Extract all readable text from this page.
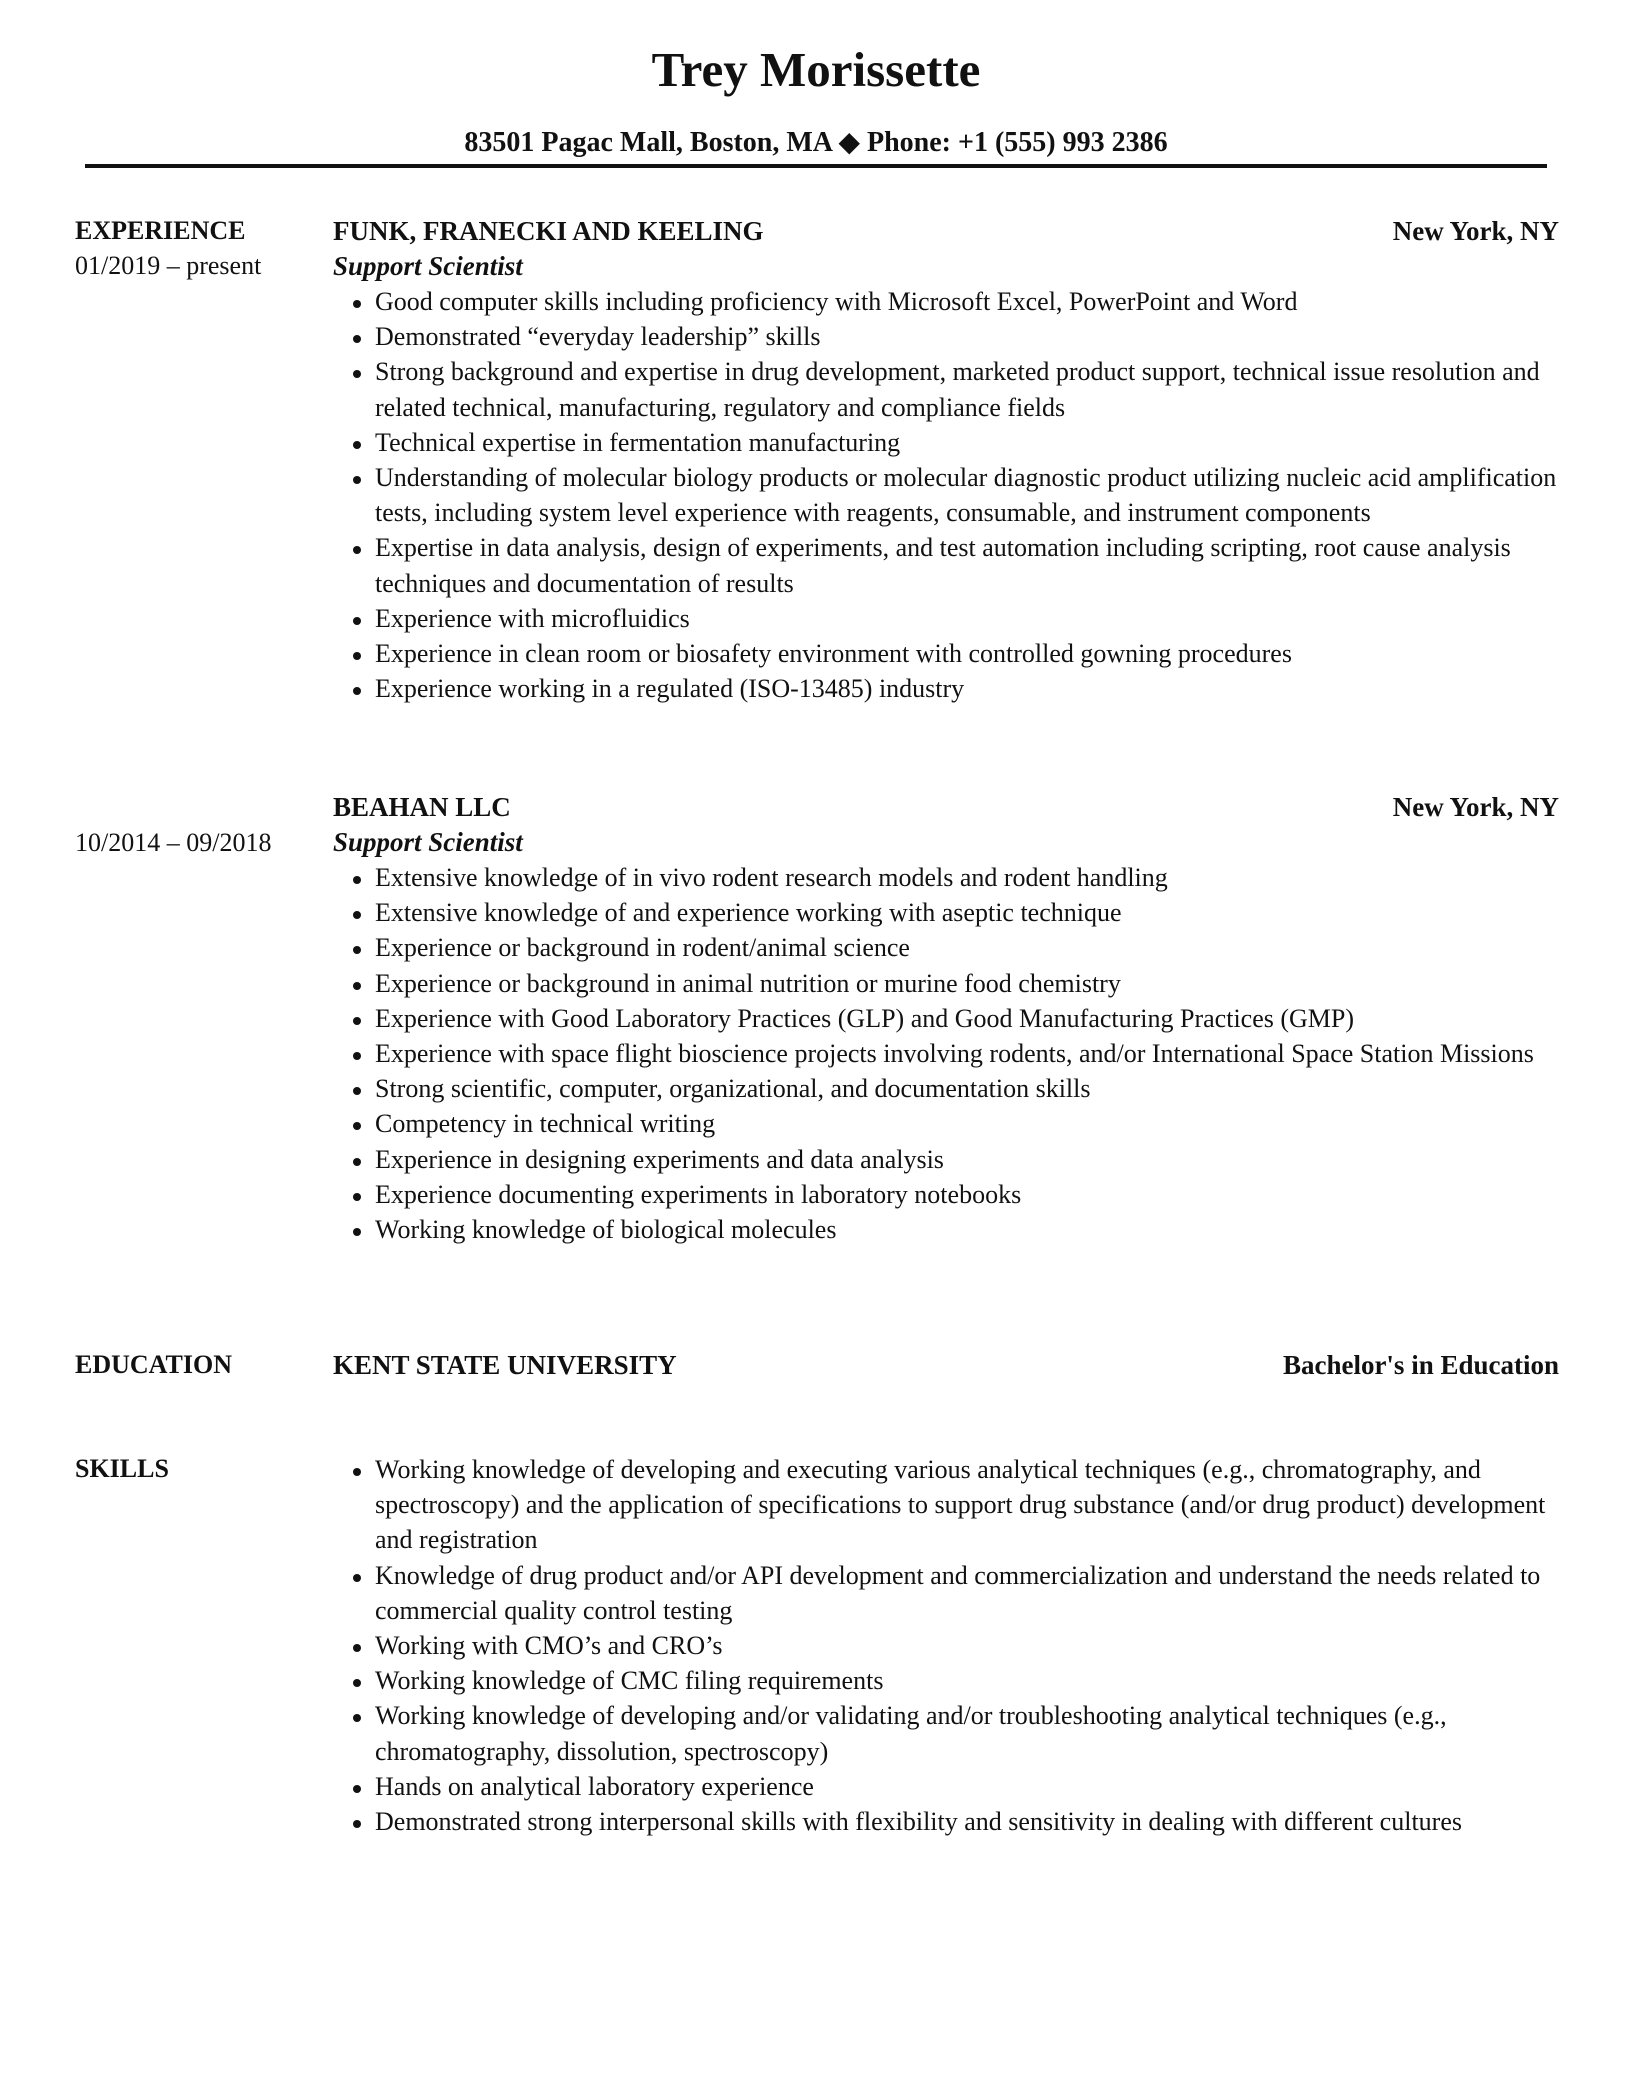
Trey Morissette
83501 Pagac Mall, Boston, MA ◆ Phone: +1 (555) 993 2386
EXPERIENCE
01/2019 – present
FUNK, FRANECKI AND KEELING	New York, NY
Support Scientist
Good computer skills including proficiency with Microsoft Excel, PowerPoint and Word
Demonstrated “everyday leadership” skills
Strong background and expertise in drug development, marketed product support, technical issue resolution and related technical, manufacturing, regulatory and compliance fields
Technical expertise in fermentation manufacturing
Understanding of molecular biology products or molecular diagnostic product utilizing nucleic acid amplification tests, including system level experience with reagents, consumable, and instrument components
Expertise in data analysis, design of experiments, and test automation including scripting, root cause analysis techniques and documentation of results
Experience with microfluidics
Experience in clean room or biosafety environment with controlled gowning procedures
Experience working in a regulated (ISO-13485) industry
10/2014 – 09/2018
BEAHAN LLC	New York, NY
Support Scientist
Extensive knowledge of in vivo rodent research models and rodent handling
Extensive knowledge of and experience working with aseptic technique
Experience or background in rodent/animal science
Experience or background in animal nutrition or murine food chemistry
Experience with Good Laboratory Practices (GLP) and Good Manufacturing Practices (GMP)
Experience with space flight bioscience projects involving rodents, and/or International Space Station Missions
Strong scientific, computer, organizational, and documentation skills
Competency in technical writing
Experience in designing experiments and data analysis
Experience documenting experiments in laboratory notebooks
Working knowledge of biological molecules
EDUCATION	KENT STATE UNIVERSITY	Bachelor's in Education
SKILLS	Working knowledge of developing and executing various analytical techniques (e.g., chromatography, and spectroscopy) and the application of specifications to support drug substance (and/or drug product) development and registration
Knowledge of drug product and/or API development and commercialization and understand the needs related to commercial quality control testing
Working with CMO’s and CRO’s
Working knowledge of CMC filing requirements
Working knowledge of developing and/or validating and/or troubleshooting analytical techniques (e.g., chromatography, dissolution, spectroscopy)
Hands on analytical laboratory experience
Demonstrated strong interpersonal skills with flexibility and sensitivity in dealing with different cultures
